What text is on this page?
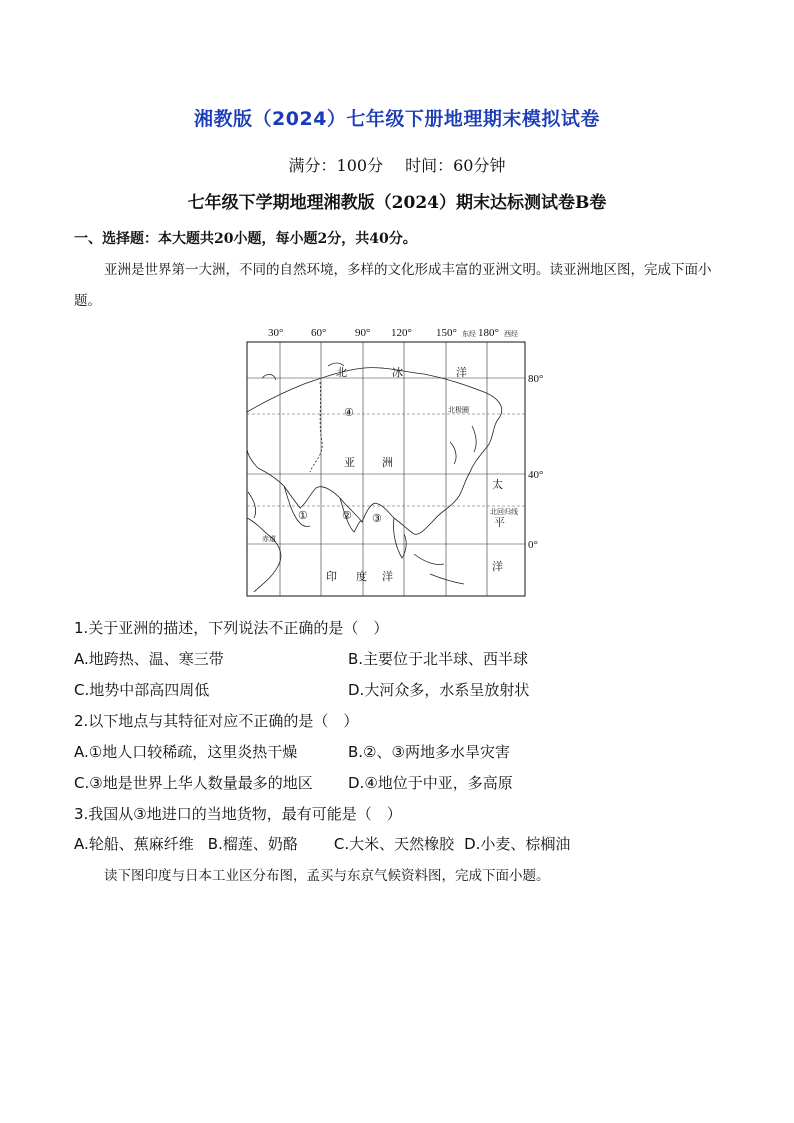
湘教版（2024）七年级下册地理期末模拟试卷
满分：100分 时间：60分钟
七年级下学期地理湘教版（2024）期末达标测试卷B卷
一、选择题：本大题共20小题，每小题2分，共40分。
亚洲是世界第一大洲，不同的自然环境，多样的文化形成丰富的亚洲文明。读亚洲地区图，完成下面小题。
30°	60°	90° 120° 150° 东经 180° 西经
80°
40°
0°
北	冰	洋
亚 洲
太
平
洋
印 度 洋
赤道
北极圈
北回归线
①	② ③
④
1.关于亚洲的描述，下列说法不正确的是（　）
A.地跨热、温、寒三带	B.主要位于北半球、西半球
C.地势中部高四周低	D.大河众多，水系呈放射状
2.以下地点与其特征对应不正确的是（　）
A.①地人口较稀疏，这里炎热干燥	B.②、③两地多水旱灾害
C.③地是世界上华人数量最多的地区 D.④地位于中亚，多高原
3.我国从③地进口的当地货物，最有可能是（　）
A.轮船、蕉麻纤维 B.榴莲、奶酪 C.大米、天然橡胶 D.小麦、棕榈油
读下图印度与日本工业区分布图，孟买与东京气候资料图，完成下面小题。
